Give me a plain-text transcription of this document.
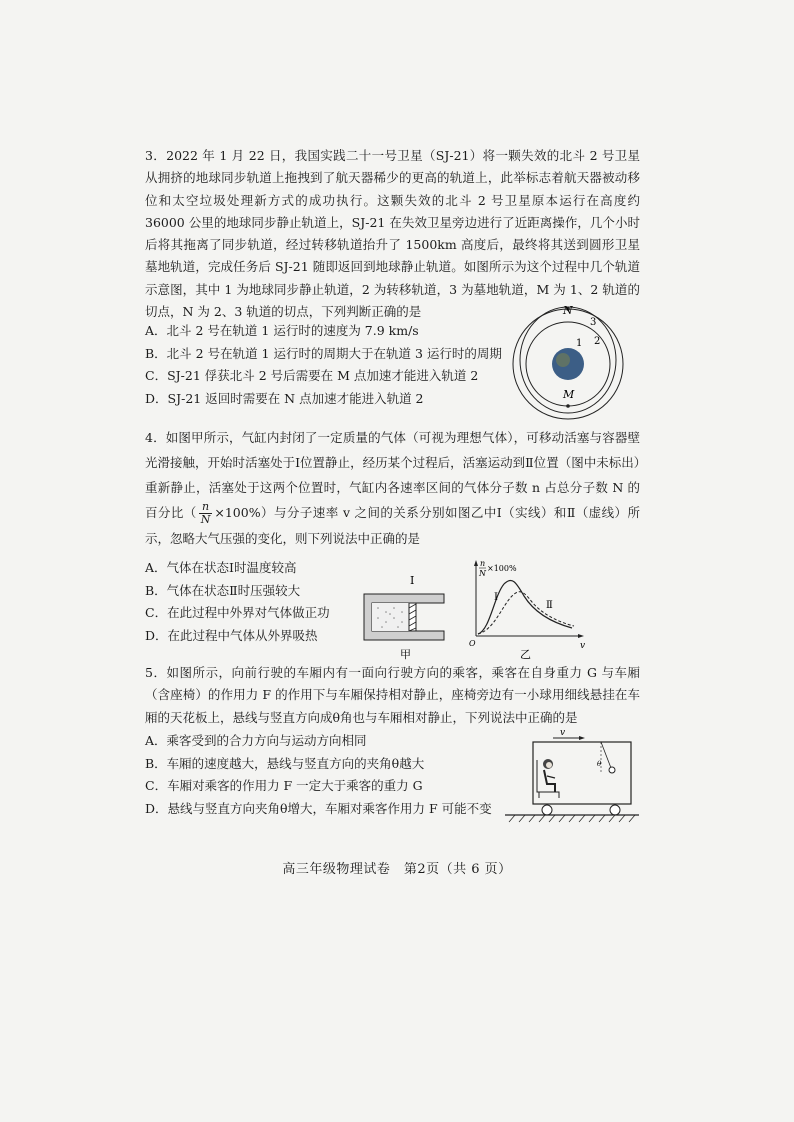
3．2022 年 1 月 22 日，我国实践二十一号卫星（SJ-21）将一颗失效的北斗 2 号卫星从拥挤的地球同步轨道上拖拽到了航天器稀少的更高的轨道上，此举标志着航天器被动移位和太空垃圾处理新方式的成功执行。这颗失效的北斗 2 号卫星原本运行在高度约 36000 公里的地球同步静止轨道上，SJ-21 在失效卫星旁边进行了近距离操作，几个小时后将其拖离了同步轨道，经过转移轨道抬升了 1500km 高度后，最终将其送到圆形卫星墓地轨道，完成任务后 SJ-21 随即返回到地球静止轨道。如图所示为这个过程中几个轨道示意图，其中 1 为地球同步静止轨道，2 为转移轨道，3 为墓地轨道，M 为 1、2 轨道的切点，N 为 2、3 轨道的切点，下列判断正确的是

A．北斗 2 号在轨道 1 运行时的速度为 7.9 km/s
B．北斗 2 号在轨道 1 运行时的周期大于在轨道 3 运行时的周期
C．SJ-21 俘获北斗 2 号后需要在 M 点加速才能进入轨道 2
D．SJ-21 返回时需要在 N 点加速才能进入轨道 2
N
3
1 2
M

4．如图甲所示，气缸内封闭了一定质量的气体（可视为理想气体），可移动活塞与容器壁光滑接触，开始时活塞处于Ⅰ位置静止，经历某个过程后，活塞运动到Ⅱ位置（图中未标出）重新静止，活塞处于这两个位置时，气缸内各速率区间的气体分子数 n 占总分子数 N 的百分比（ $\frac{n}{N} \times 100\%$）与分子速率 v 之间的关系分别如图乙中Ⅰ（实线）和Ⅱ（虚线）所示，忽略大气压强的变化，则下列说法中正确的是

A．气体在状态Ⅰ时温度较高
B．气体在状态Ⅱ时压强较大
C．在此过程中外界对气体做正功
D．在此过程中气体从外界吸热
Ⅰ
甲
n
N
×100%
v
O
Ⅰ
Ⅱ
乙

5．如图所示，向前行驶的车厢内有一面向行驶方向的乘客，乘客在自身重力 G 与车厢（含座椅）的作用力 F 的作用下与车厢保持相对静止，座椅旁边有一小球用细线悬挂在车厢的天花板上，悬线与竖直方向成θ角也与车厢相对静止，下列说法中正确的是

A．乘客受到的合力方向与运动方向相同
B．车厢的速度越大，悬线与竖直方向的夹角θ越大
C．车厢对乘客的作用力 F 一定大于乘客的重力 G
D．悬线与竖直方向夹角θ增大，车厢对乘客作用力 F 可能不变
v
θ
高三年级物理试卷　第2页（共 6 页）
